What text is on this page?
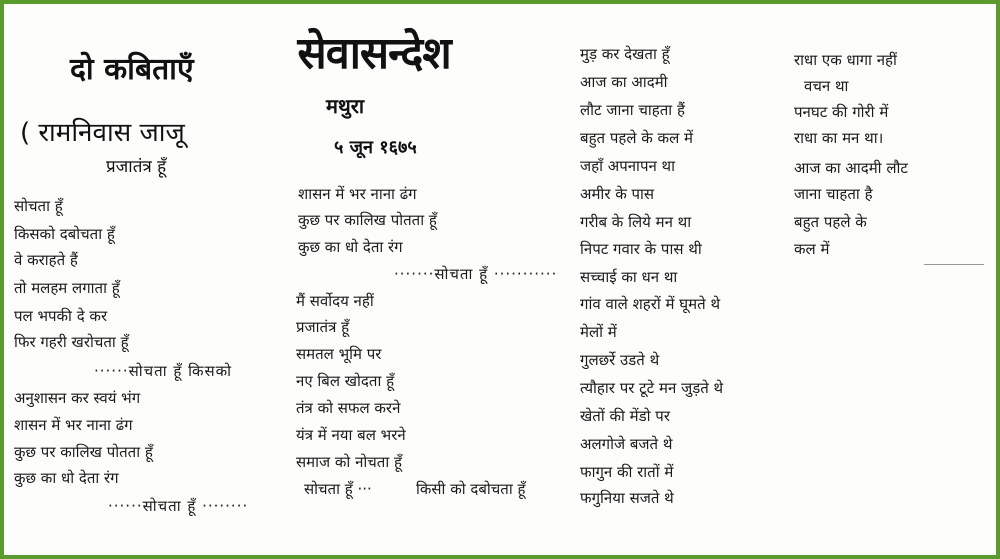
दो कबिताएँ
( रामनिवास जाजू
प्रजातंत्र हूँ
सोचता हूँ
किसको दबोचता हूँ
वे कराहते हैं
तो मलहम लगाता हूँ
पल भपकी दे कर
फिर गहरी खरोचता हूँ
······सोचता हूँ किसको
अनुशासन कर स्वयं भंग
शासन में भर नाना ढंग
कुछ पर कालिख पोतता हूँ
कुछ का धो देता रंग
······सोचता हूँ ········
सेवासन्देश
मथुरा
५ जून १६७५
शासन में भर नाना ढंग
कुछ पर कालिख पोतता हूँ
कुछ का धो देता रंग
·······सोचता हूँ ···········
मैं सर्वोदय नहीं
प्रजातंत्र हूँ
समतल भूमि पर
नए बिल खोदता हूँ
तंत्र को सफल करने
यंत्र में नया बल भरने
समाज को नोचता हूँ
सोचता हूँ ···	किसी को दबोचता हूँ
मुड़ कर देखता हूँ
आज का आदमी
लौट जाना चाहता हैं
बहुत पहले के कल में
जहाँ अपनापन था
अमीर के पास
गरीब के लिये मन था
निपट गवार के पास थी
सच्चाई का धन था
गांव वाले शहरों में घूमते थे
मेलों में
गुलछर्रे उडते थे
त्यौहार पर टूटे मन जुड़ते थे
खेतों की मेंडो पर
अलगोजे बजते थे
फागुन की रातों में
फगुनिया सजते थे
राधा एक धागा नहीं
वचन था
पनघट की गोरी में
राधा का मन था।
आज का आदमी लौट
जाना चाहता है
बहुत पहले के
कल में
